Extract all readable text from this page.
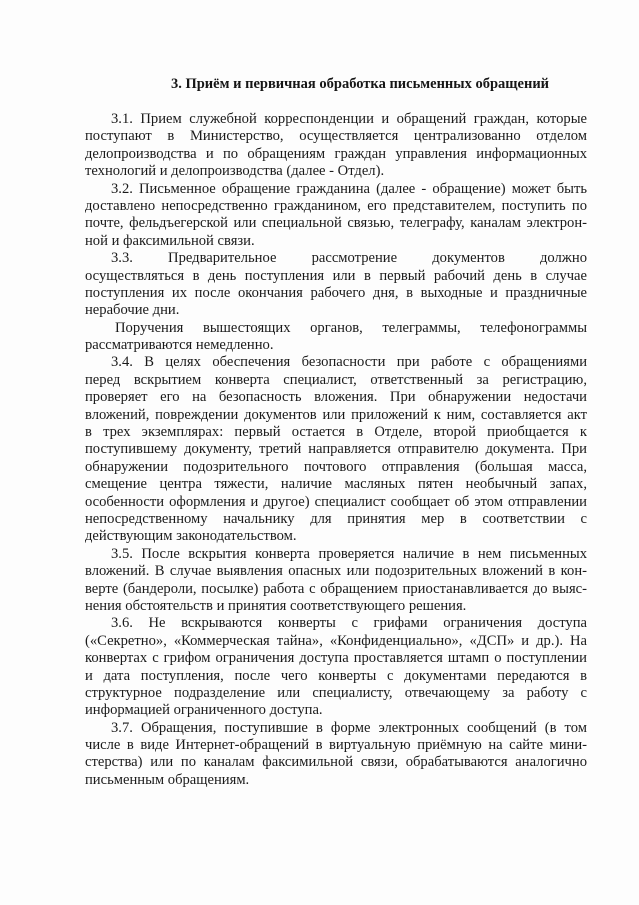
3. Приём и первичная обработка письменных обращений
3.1. Прием служебной корреспонденции и обращений граждан, которые
поступают в Министерство, осуществляется централизованно отделом
делопроизводства и по обращениям граждан управления информационных
технологий и делопроизводства (далее - Отдел).
3.2. Письменное обращение гражданина (далее - обращение) может быть
доставлено непосредственно гражданином, его представителем, поступить по
почте, фельдъегерской или специальной связью, телеграфу, каналам электрон-
ной и факсимильной связи.
3.3. Предварительное рассмотрение документов должно
осуществляться в день поступления или в первый рабочий день в случае
поступления их после окончания рабочего дня, в выходные и праздничные
нерабочие дни.
Поручения вышестоящих органов, телеграммы, телефонограммы
рассматриваются немедленно.
3.4. В целях обеспечения безопасности при работе с обращениями
перед вскрытием конверта специалист, ответственный за регистрацию,
проверяет его на безопасность вложения. При обнаружении недостачи
вложений, повреждении документов или приложений к ним, составляется акт
в трех экземплярах: первый остается в Отделе, второй приобщается к
поступившему документу, третий направляется отправителю документа. При
обнаружении подозрительного почтового отправления (большая масса,
смещение центра тяжести, наличие масляных пятен необычный запах,
особенности оформления и другое) специалист сообщает об этом отправлении
непосредственному начальнику для принятия мер в соответствии с
действующим законодательством.
3.5. После вскрытия конверта проверяется наличие в нем письменных
вложений. В случае выявления опасных или подозрительных вложений в кон-
верте (бандероли, посылке) работа с обращением приостанавливается до выяс-
нения обстоятельств и принятия соответствующего решения.
3.6. Не вскрываются конверты с грифами ограничения доступа
(«Секретно», «Коммерческая тайна», «Конфиденциально», «ДСП» и др.). На
конвертах с грифом ограничения доступа проставляется штамп о поступлении
и дата поступления, после чего конверты с документами передаются в
структурное подразделение или специалисту, отвечающему за работу с
информацией ограниченного доступа.
3.7. Обращения, поступившие в форме электронных сообщений (в том
числе в виде Интернет-обращений в виртуальную приёмную на сайте мини-
стерства) или по каналам факсимильной связи, обрабатываются аналогично
письменным обращениям.
